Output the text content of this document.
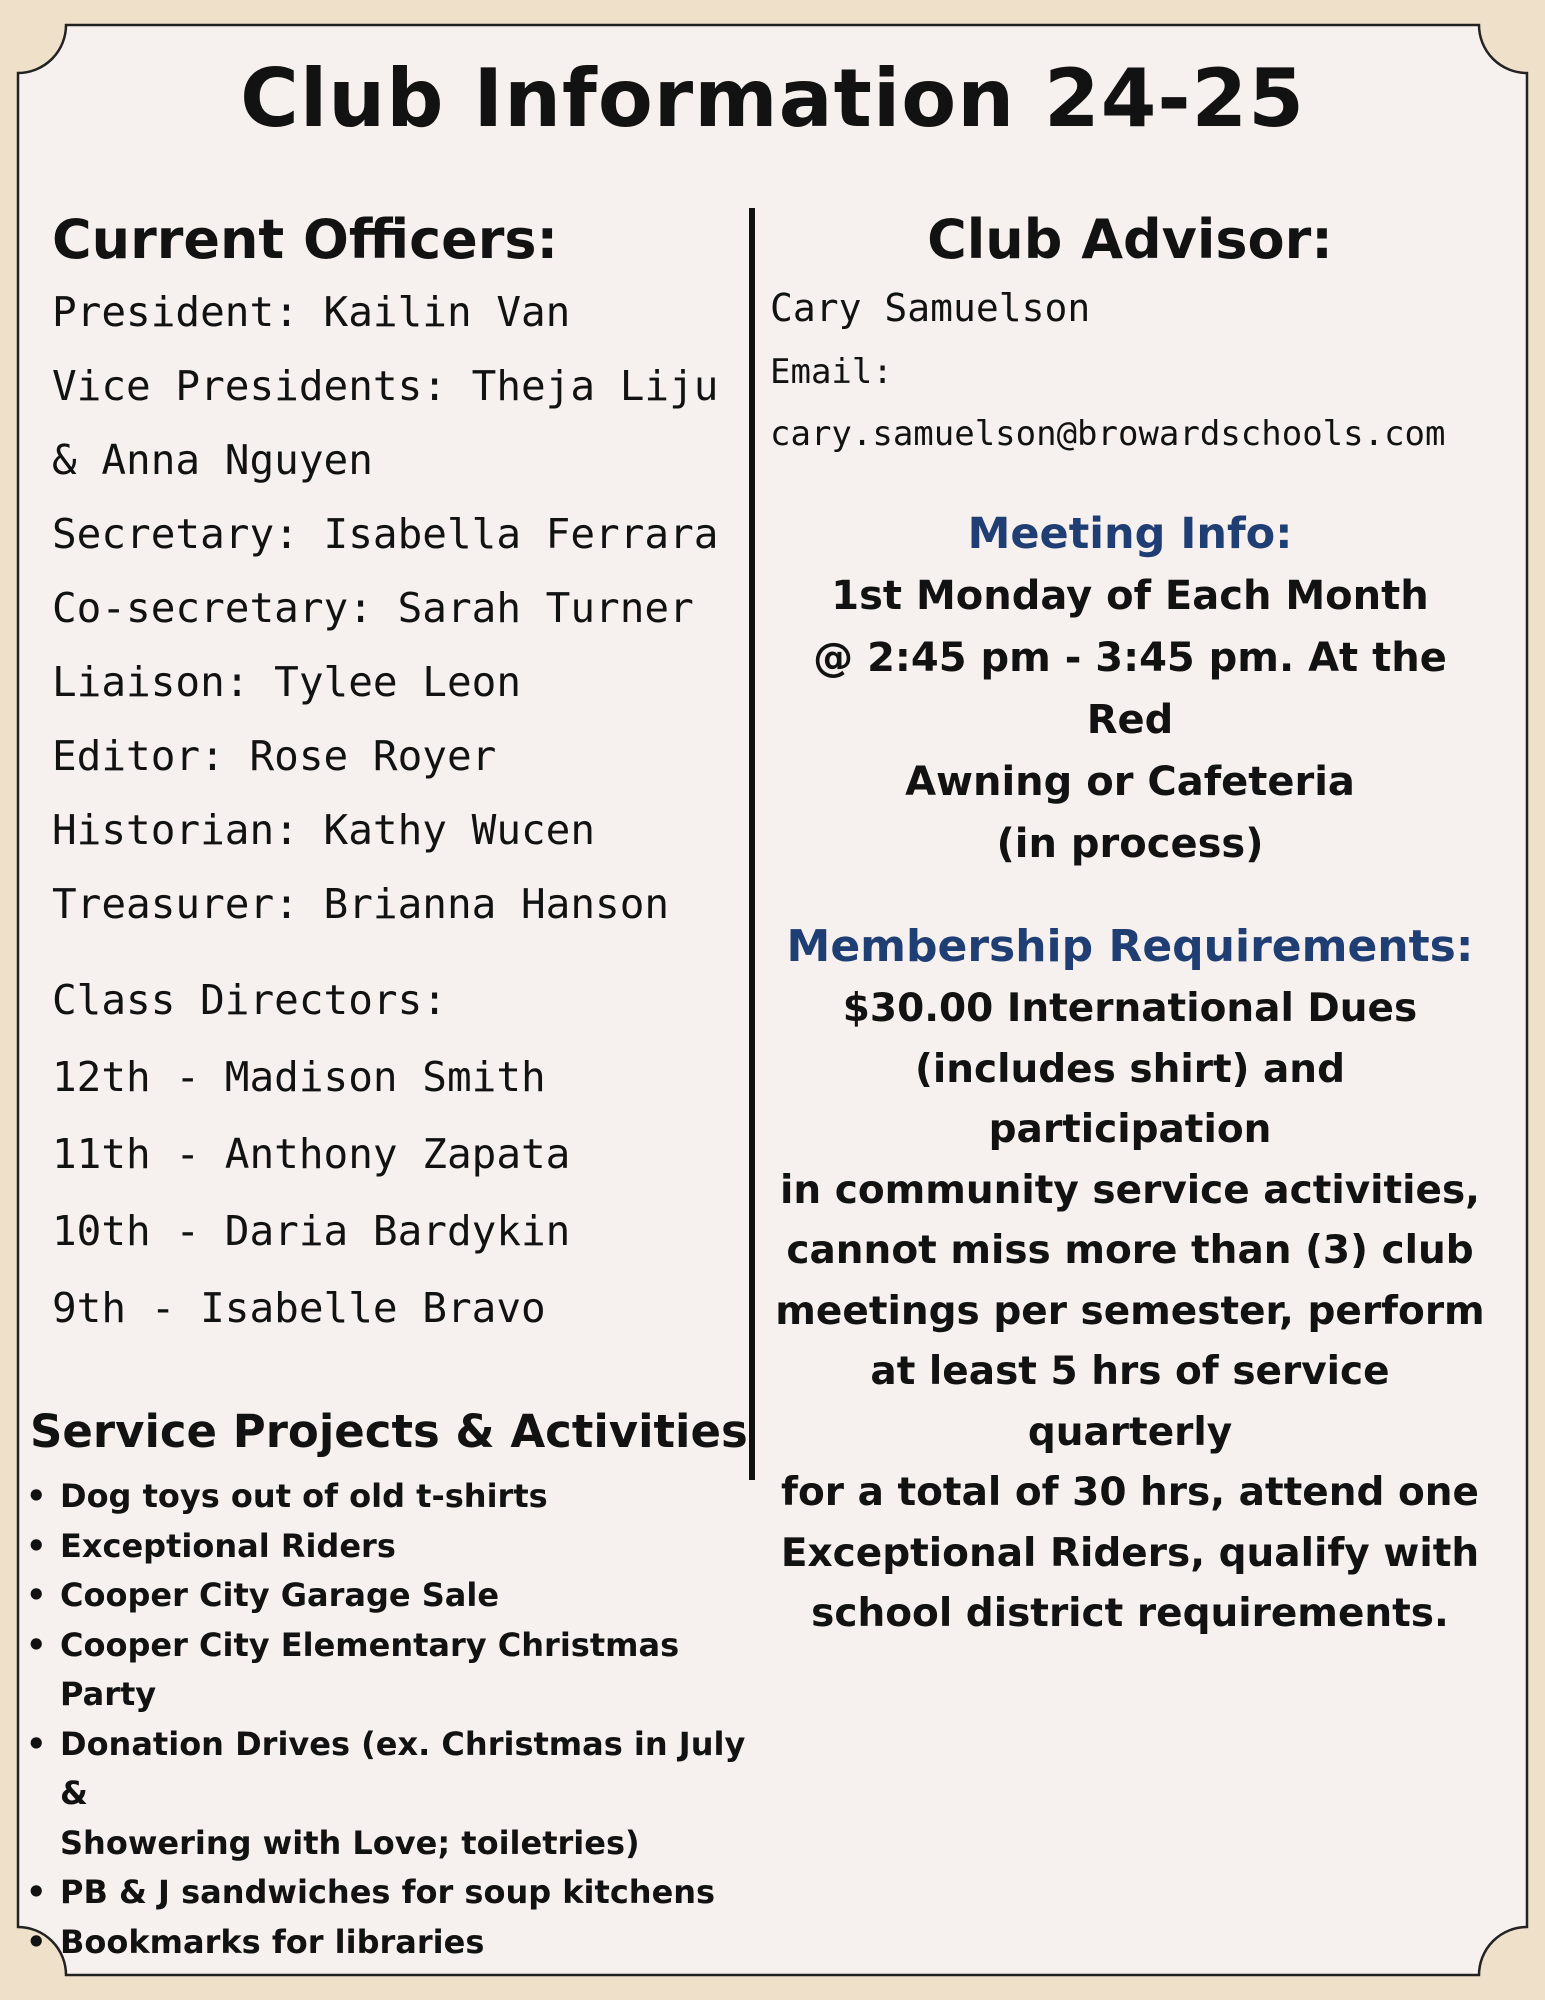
Club Information 24-25
Current Officers:
President: Kailin Van
Vice Presidents: Theja Liju
& Anna Nguyen
Secretary: Isabella Ferrara
Co-secretary: Sarah Turner
Liaison: Tylee Leon
Editor: Rose Royer
Historian: Kathy Wucen
Treasurer: Brianna Hanson
Class Directors:
12th - Madison Smith
11th - Anthony Zapata
10th - Daria Bardykin
9th - Isabelle Bravo
Service Projects & Activities
• Dog toys out of old t-shirts
• Exceptional Riders
• Cooper City Garage Sale
• Cooper City Elementary Christmas
Party
• Donation Drives (ex. Christmas in July &
Showering with Love; toiletries)
• PB & J sandwiches for soup kitchens
• Bookmarks for libraries
Club Advisor:
Cary Samuelson
Email:
cary.samuelson@browardschools.com
Meeting Info:
1st Monday of Each Month
@ 2:45 pm - 3:45 pm. At the Red
Awning or Cafeteria
(in process)
Membership Requirements:
$30.00 International Dues
(includes shirt) and participation
in community service activities,
cannot miss more than (3) club
meetings per semester, perform
at least 5 hrs of service quarterly
for a total of 30 hrs, attend one
Exceptional Riders, qualify with
school district requirements.
